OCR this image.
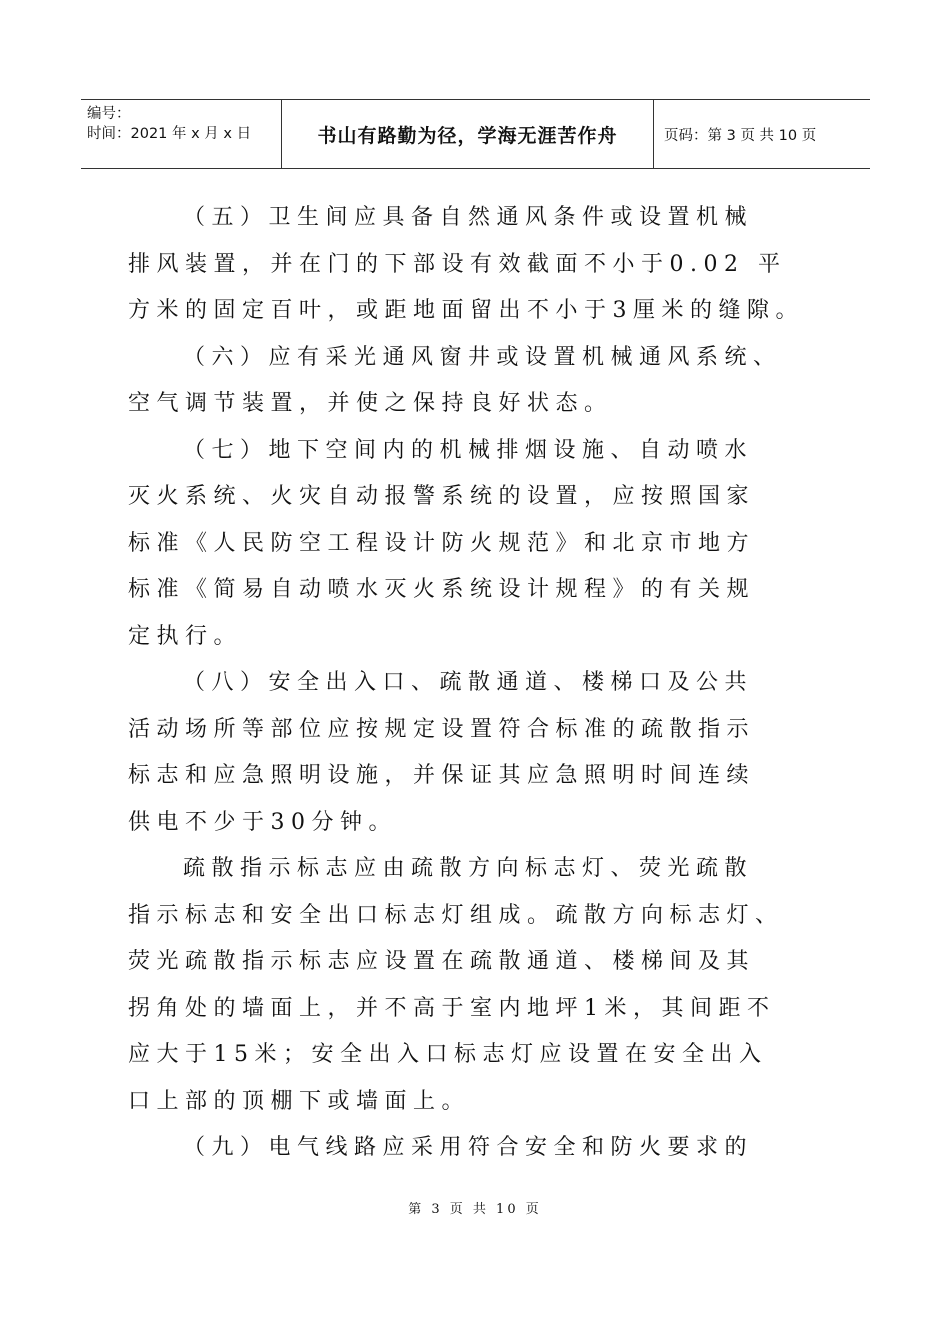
编号：
时间：2021 年 x 月 x 日	书山有路勤为径，学海无涯苦作舟	页码：第 3 页 共 10 页
（五）卫生间应具备自然通风条件或设置机械
排风装置，并在门的下部设有效截面不小于0.02 平
方米的固定百叶，或距地面留出不小于3厘米的缝隙。
（六）应有采光通风窗井或设置机械通风系统、
空气调节装置，并使之保持良好状态。
（七）地下空间内的机械排烟设施、自动喷水
灭火系统、火灾自动报警系统的设置，应按照国家
标准《人民防空工程设计防火规范》和北京市地方
标准《简易自动喷水灭火系统设计规程》的有关规
定执行。
（八）安全出入口、疏散通道、楼梯口及公共
活动场所等部位应按规定设置符合标准的疏散指示
标志和应急照明设施，并保证其应急照明时间连续
供电不少于30分钟。
疏散指示标志应由疏散方向标志灯、荧光疏散
指示标志和安全出口标志灯组成。疏散方向标志灯、
荧光疏散指示标志应设置在疏散通道、楼梯间及其
拐角处的墙面上，并不高于室内地坪1米，其间距不
应大于15米；安全出入口标志灯应设置在安全出入
口上部的顶棚下或墙面上。
（九）电气线路应采用符合安全和防火要求的
第 3 页 共 10 页
